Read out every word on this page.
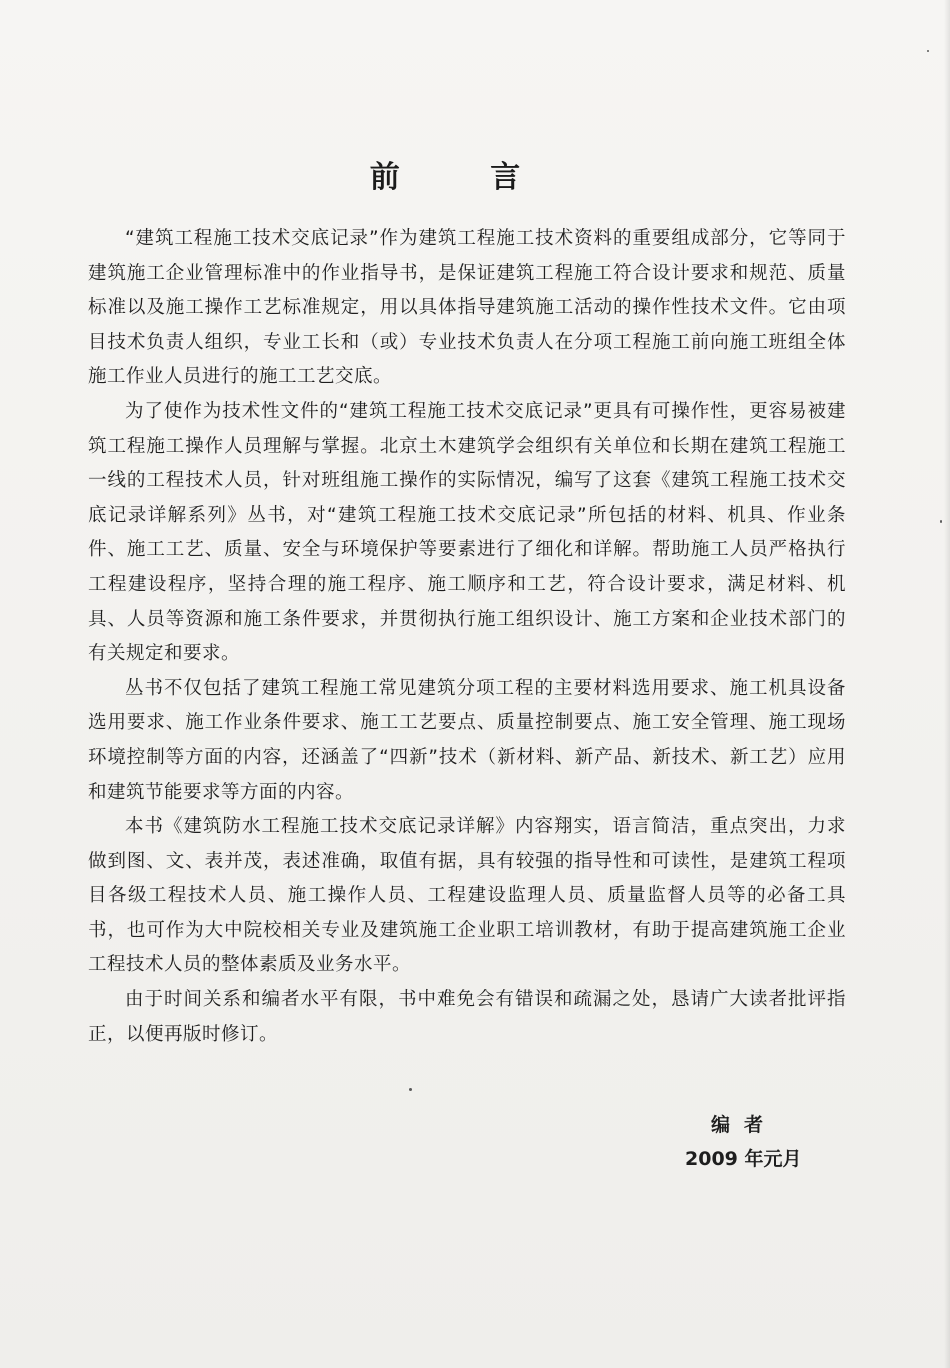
前 言

“建筑工程施工技术交底记录”作为建筑工程施工技术资料的重要组成部分，它等同于建筑施工企业管理标准中的作业指导书，是保证建筑工程施工符合设计要求和规范、质量标准以及施工操作工艺标准规定，用以具体指导建筑施工活动的操作性技术文件。它由项目技术负责人组织，专业工长和（或）专业技术负责人在分项工程施工前向施工班组全体施工作业人员进行的施工工艺交底。

为了使作为技术性文件的“建筑工程施工技术交底记录”更具有可操作性，更容易被建筑工程施工操作人员理解与掌握。北京土木建筑学会组织有关单位和长期在建筑工程施工一线的工程技术人员，针对班组施工操作的实际情况，编写了这套《建筑工程施工技术交底记录详解系列》丛书，对“建筑工程施工技术交底记录”所包括的材料、机具、作业条件、施工工艺、质量、安全与环境保护等要素进行了细化和详解。帮助施工人员严格执行工程建设程序，坚持合理的施工程序、施工顺序和工艺，符合设计要求，满足材料、机具、人员等资源和施工条件要求，并贯彻执行施工组织设计、施工方案和企业技术部门的有关规定和要求。

丛书不仅包括了建筑工程施工常见建筑分项工程的主要材料选用要求、施工机具设备选用要求、施工作业条件要求、施工工艺要点、质量控制要点、施工安全管理、施工现场环境控制等方面的内容，还涵盖了“四新”技术（新材料、新产品、新技术、新工艺）应用和建筑节能要求等方面的内容。

本书《建筑防水工程施工技术交底记录详解》内容翔实，语言简洁，重点突出，力求做到图、文、表并茂，表述准确，取值有据，具有较强的指导性和可读性，是建筑工程项目各级工程技术人员、施工操作人员、工程建设监理人员、质量监督人员等的必备工具书，也可作为大中院校相关专业及建筑施工企业职工培训教材，有助于提高建筑施工企业工程技术人员的整体素质及业务水平。

由于时间关系和编者水平有限，书中难免会有错误和疏漏之处，恳请广大读者批评指正，以便再版时修订。

编者
2009 年元月
